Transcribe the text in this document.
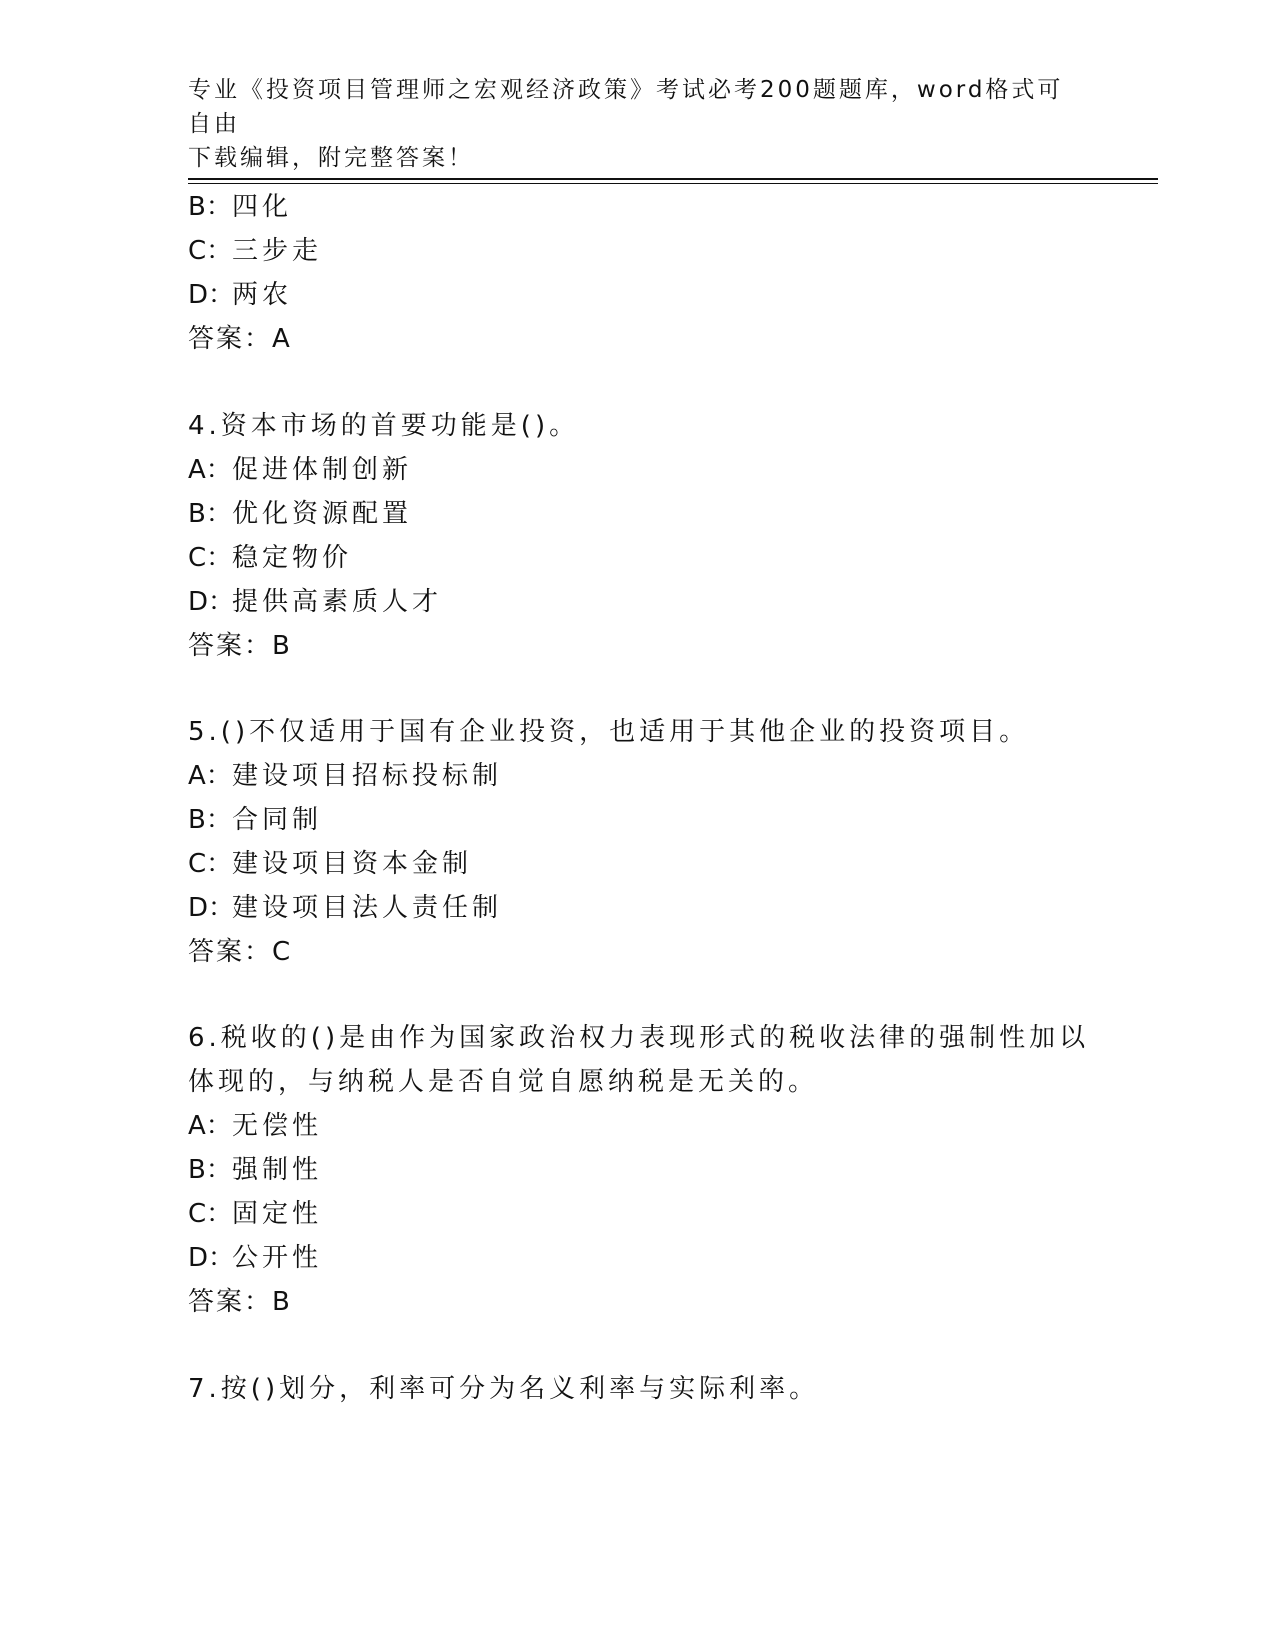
专业《投资项目管理师之宏观经济政策》考试必考200题题库，word格式可自由
下载编辑，附完整答案！
B：四化
C：三步走
D：两农
答案：A
4.资本市场的首要功能是()。
A：促进体制创新
B：优化资源配置
C：稳定物价
D：提供高素质人才
答案：B
5.()不仅适用于国有企业投资，也适用于其他企业的投资项目。
A：建设项目招标投标制
B：合同制
C：建设项目资本金制
D：建设项目法人责任制
答案：C
6.税收的()是由作为国家政治权力表现形式的税收法律的强制性加以
体现的，与纳税人是否自觉自愿纳税是无关的。
A：无偿性
B：强制性
C：固定性
D：公开性
答案：B
7.按()划分，利率可分为名义利率与实际利率。
